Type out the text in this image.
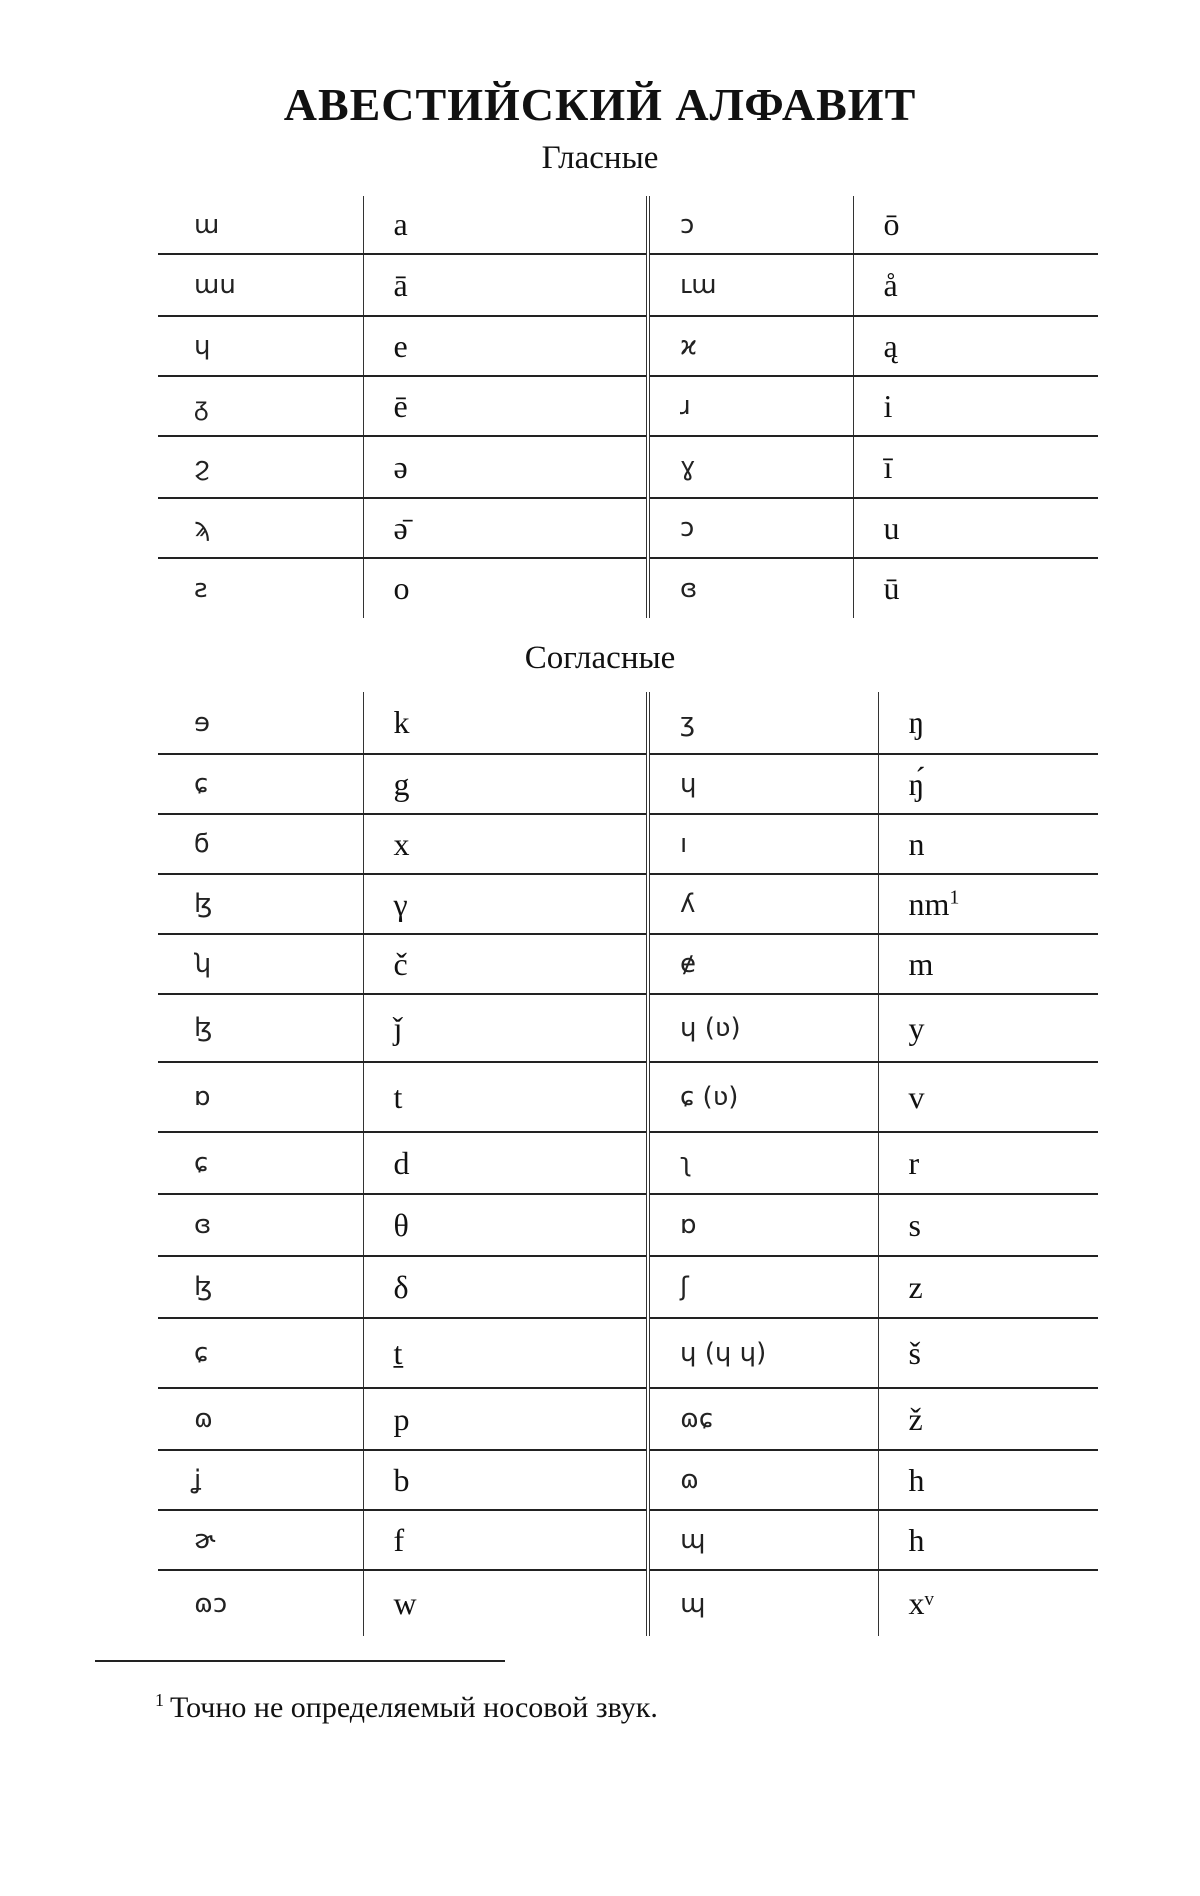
АВЕСТИЙСКИЙ АЛФАВИТ
Гласные
ա	a	ɔ	ō
աս	ā	ւա	å
ɥ	e	ϰ	ą
ᵹ	ē	ɹ	i
ϩ	ə	ɣ	ī
ϡ	ə̄	ɔ	u
ƨ	o	ɞ	ū
Согласные
ɘ	k	ʒ	ŋ
ɕ	g	ɥ	ŋ́
ϭ	x	ı	n
ɮ	γ	ʎ	$nm^1$
ʮ	č	ɇ	m
ɮ	ǰ	ɥ (ʋ)	y
ɒ	t	ɕ (ʋ)	v
ɕ	d	ʅ	r
ɞ	θ	ɒ	s
ɮ	δ	ʃ	z
ɕ	ṯ	ɥ (ɥ ɥ)	š
ɷ	p	ɷɕ	ž
ʝ	b	ɷ	h
ɚ	f	ɰ	h
ɷɔ	w	ɰ	xᵛ
$^1$ Точно не определяемый носовой звук.
